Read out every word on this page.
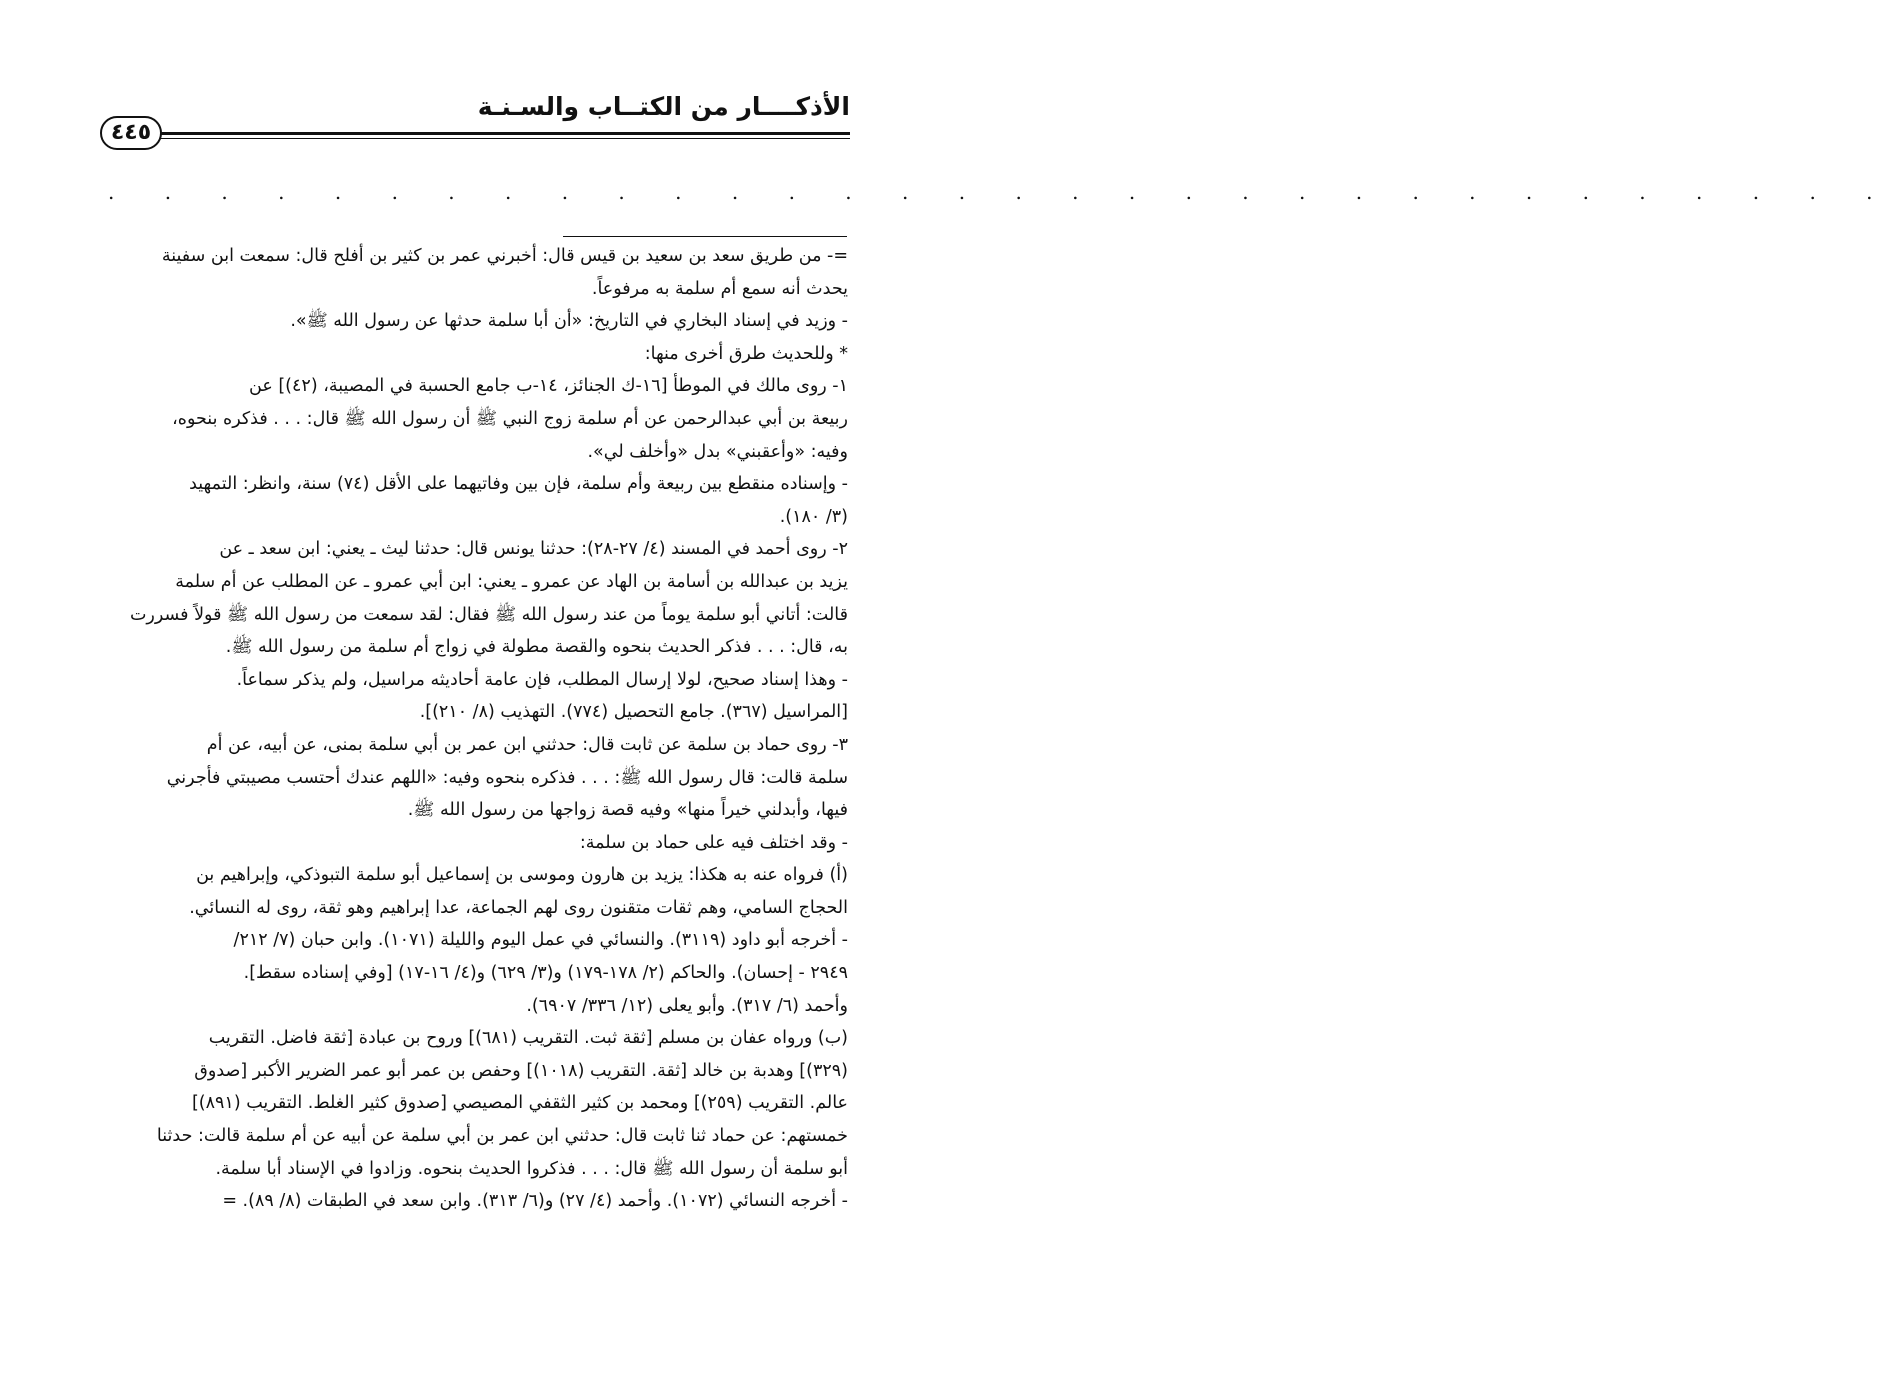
الأذكــــار من الكتــاب والسـنـة
٤٤٥
. . . . . . . . . . . . . . . . . . . . . . . . . . . . . . . .
=- من طريق سعد بن سعيد بن قيس قال: أخبرني عمر بن كثير بن أفلح قال: سمعت ابن سفينة
يحدث أنه سمع أم سلمة به مرفوعاً.
- وزيد في إسناد البخاري في التاريخ: «أن أبا سلمة حدثها عن رسول الله ﷺ».
* وللحديث طرق أخرى منها:
١- روى مالك في الموطأ [١٦-ك الجنائز، ١٤-ب جامع الحسبة في المصيبة، (٤٢)] عن
ربيعة بن أبي عبدالرحمن عن أم سلمة زوج النبي ﷺ أن رسول الله ﷺ قال: . . . فذكره بنحوه،
وفيه: «وأعقبني» بدل «وأخلف لي».
- وإسناده منقطع بين ربيعة وأم سلمة، فإن بين وفاتيهما على الأقل (٧٤) سنة، وانظر: التمهيد
(٣/ ١٨٠).
٢- روى أحمد في المسند (٤/ ٢٧-٢٨): حدثنا يونس قال: حدثنا ليث ـ يعني: ابن سعد ـ عن
يزيد بن عبدالله بن أسامة بن الهاد عن عمرو ـ يعني: ابن أبي عمرو ـ عن المطلب عن أم سلمة
قالت: أتاني أبو سلمة يوماً من عند رسول الله ﷺ فقال: لقد سمعت من رسول الله ﷺ قولاً فسررت
به، قال: . . . فذكر الحديث بنحوه والقصة مطولة في زواج أم سلمة من رسول الله ﷺ.
- وهذا إسناد صحيح، لولا إرسال المطلب، فإن عامة أحاديثه مراسيل، ولم يذكر سماعاً.
[المراسيل (٣٦٧). جامع التحصيل (٧٧٤). التهذيب (٨/ ٢١٠)].
٣- روى حماد بن سلمة عن ثابت قال: حدثني ابن عمر بن أبي سلمة بمنى، عن أبيه، عن أم
سلمة قالت: قال رسول الله ﷺ: . . . فذكره بنحوه وفيه: «اللهم عندك أحتسب مصيبتي فأجرني
فيها، وأبدلني خيراً منها» وفيه قصة زواجها من رسول الله ﷺ.
- وقد اختلف فيه على حماد بن سلمة:
(أ) فرواه عنه به هكذا: يزيد بن هارون وموسى بن إسماعيل أبو سلمة التبوذكي، وإبراهيم بن
الحجاج السامي، وهم ثقات متقنون روى لهم الجماعة، عدا إبراهيم وهو ثقة، روى له النسائي.
- أخرجه أبو داود (٣١١٩). والنسائي في عمل اليوم والليلة (١٠٧١). وابن حبان (٧/ ٢١٢/
٢٩٤٩ - إحسان). والحاكم (٢/ ١٧٨-١٧٩) و(٣/ ٦٢٩) و(٤/ ١٦-١٧) [وفي إسناده سقط].
وأحمد (٦/ ٣١٧). وأبو يعلى (١٢/ ٣٣٦/ ٦٩٠٧).
(ب) ورواه عفان بن مسلم [ثقة ثبت. التقريب (٦٨١)] وروح بن عبادة [ثقة فاضل. التقريب
(٣٢٩)] وهدبة بن خالد [ثقة. التقريب (١٠١٨)] وحفص بن عمر أبو عمر الضرير الأكبر [صدوق
عالم. التقريب (٢٥٩)] ومحمد بن كثير الثقفي المصيصي [صدوق كثير الغلط. التقريب (٨٩١)]
خمستهم: عن حماد ثنا ثابت قال: حدثني ابن عمر بن أبي سلمة عن أبيه عن أم سلمة قالت: حدثنا
أبو سلمة أن رسول الله ﷺ قال: . . . فذكروا الحديث بنحوه. وزادوا في الإسناد أبا سلمة.
- أخرجه النسائي (١٠٧٢). وأحمد (٤/ ٢٧) و(٦/ ٣١٣). وابن سعد في الطبقات (٨/ ٨٩). =
